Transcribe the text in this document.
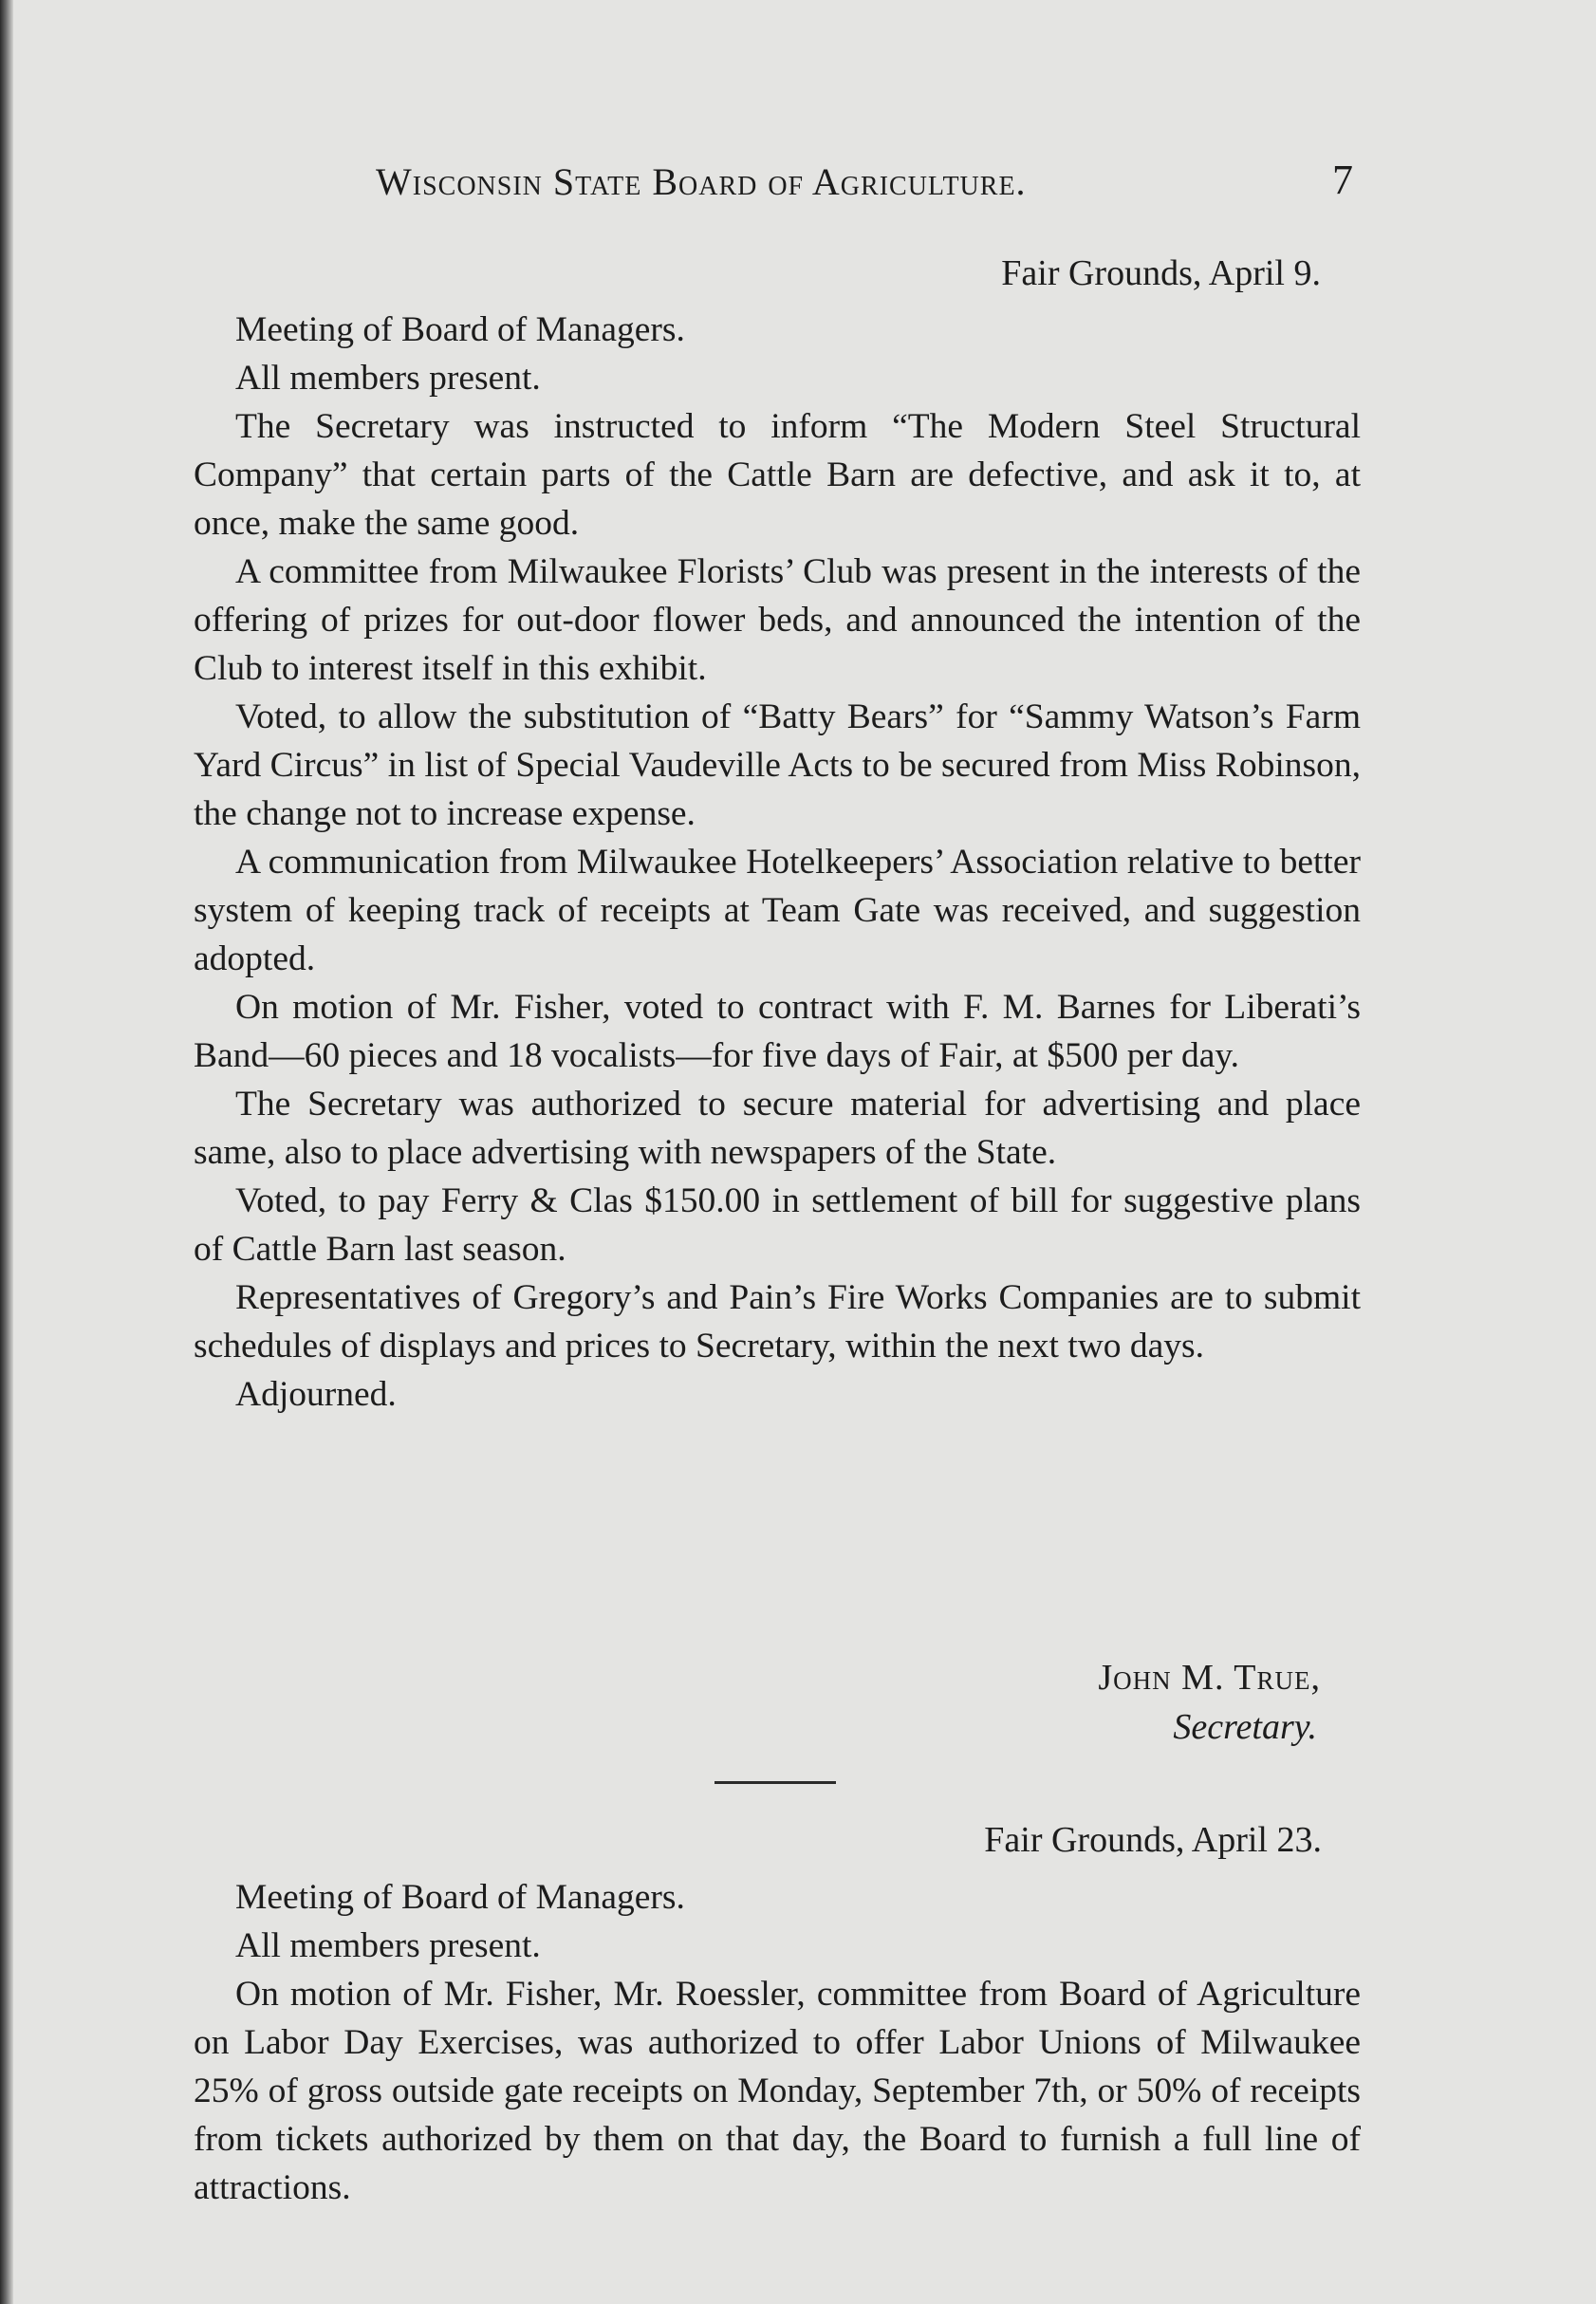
Wisconsin State Board of Agriculture.	7
Fair Grounds, April 9.

Meeting of Board of Managers.

All members present.

The Secretary was instructed to inform “The Modern Steel Structural Company” that certain parts of the Cattle Barn are defective, and ask it to, at once, make the same good.

A committee from Milwaukee Florists’ Club was present in the interests of the offering of prizes for out-door flower beds, and announced the intention of the Club to interest itself in this exhibit.

Voted, to allow the substitution of “Batty Bears” for “Sammy Watson’s Farm Yard Circus” in list of Special Vaudeville Acts to be secured from Miss Robinson, the change not to increase expense.

A communication from Milwaukee Hotelkeepers’ Association relative to better system of keeping track of receipts at Team Gate was received, and suggestion adopted.

On motion of Mr. Fisher, voted to contract with F. M. Barnes for Liberati’s Band—60 pieces and 18 vocalists—for five days of Fair, at $500 per day.

The Secretary was authorized to secure material for advertising and place same, also to place advertising with newspapers of the State.

Voted, to pay Ferry & Clas $150.00 in settlement of bill for suggestive plans of Cattle Barn last season.

Representatives of Gregory’s and Pain’s Fire Works Companies are to submit schedules of displays and prices to Secretary, within the next two days.

Adjourned.

John M. True,
Secretary.
Fair Grounds, April 23.

Meeting of Board of Managers.

All members present.

On motion of Mr. Fisher, Mr. Roessler, committee from Board of Agriculture on Labor Day Exercises, was authorized to offer Labor Unions of Milwaukee 25% of gross outside gate receipts on Monday, September 7th, or 50% of receipts from tickets authorized by them on that day, the Board to furnish a full line of attractions.
